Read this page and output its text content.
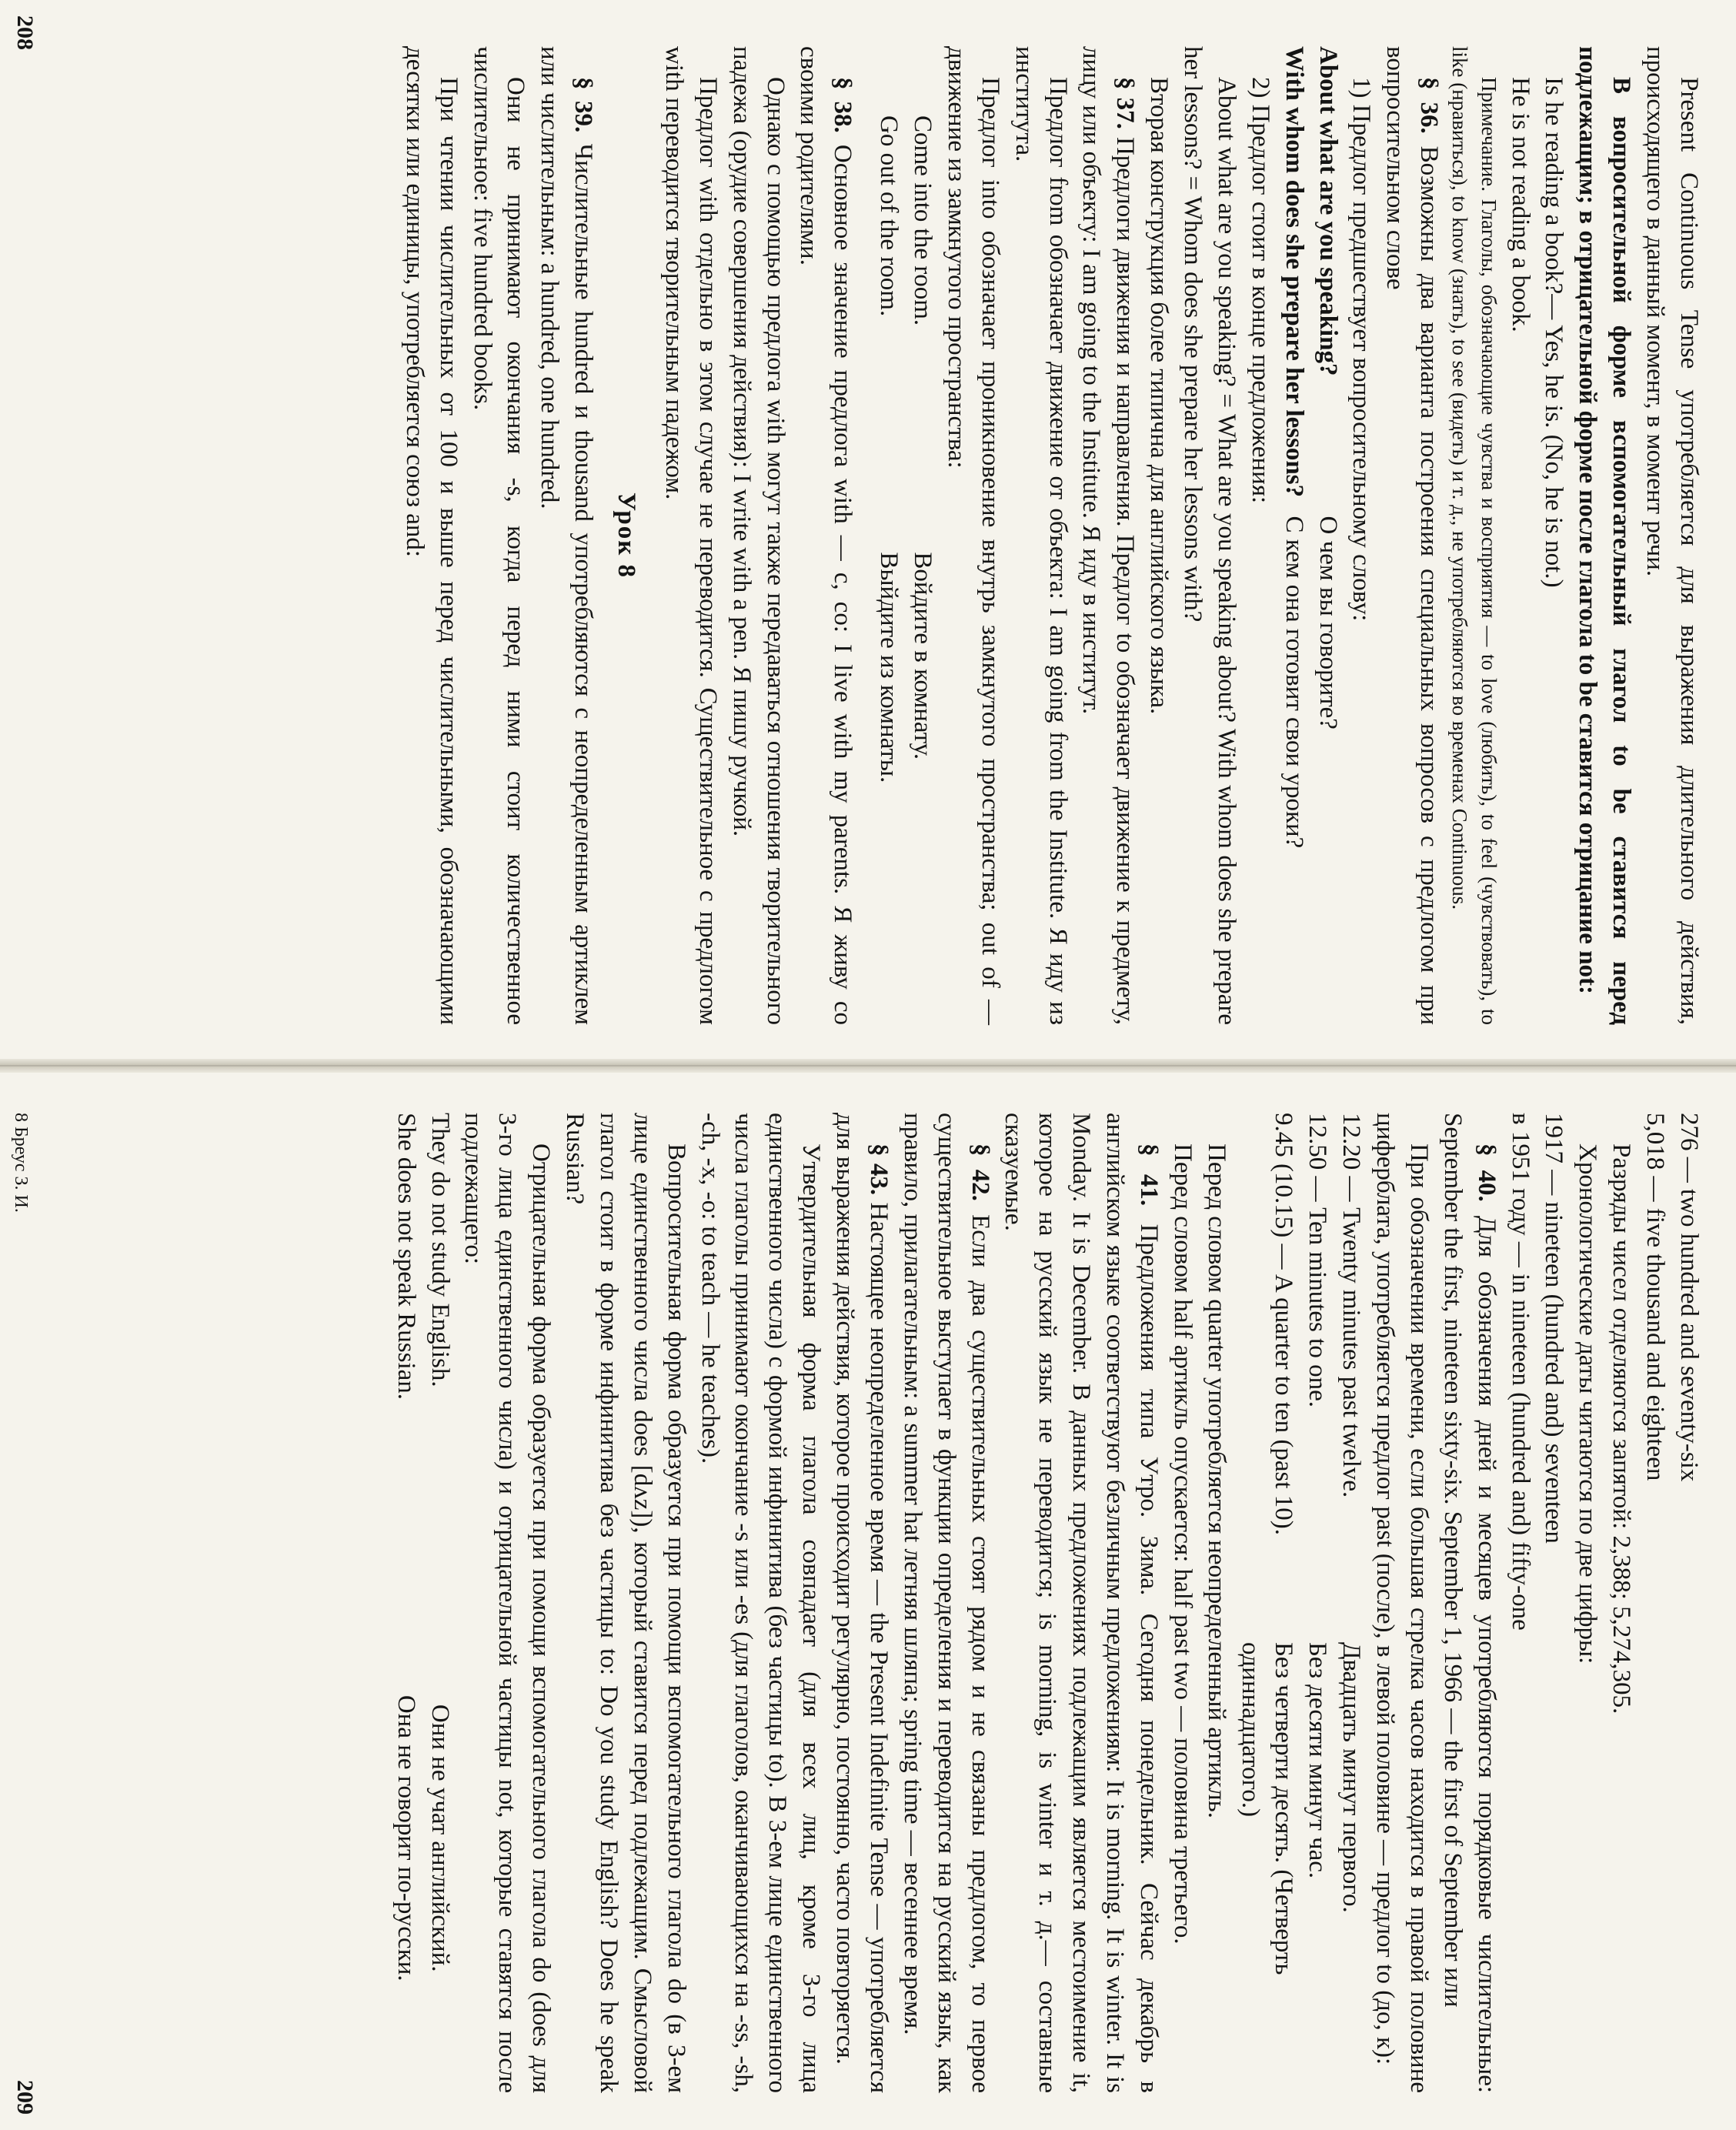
Present Continuous Tense употребляется для выражения длительного действия, происходящего в данный момент, в момент речи.

В вопросительной форме вспомогательный глагол to be ставится перед подлежащим; в отрицательной форме после глагола to be ставится отрицание not:

Is he reading a book?— Yes, he is. (No, he is not.)

He is not reading a book.

Примечание. Глаголы, обозначающие чувства и восприятия — to love (любить), to feel (чувствовать), to like (нравиться), to know (знать), to see (видеть) и т. д., не употребляются во временах Continuous.

§ 36. Возможны два варианта построения специальных вопросов с предлогом при вопросительном слове

1) Предлог предшествует вопросительному слову:

About what are you speaking?
О чем вы говорите?
With whom does she prepare her lessons?
С кем она готовит свои уроки?

2) Предлог стоит в конце предложения:

About what are you speaking? = What are you speaking about? With whom does she prepare her lessons? = Whom does she prepare her lessons with?

Вторая конструкция более типична для английского языка.

§ 37. Предлоги движения и направления. Предлог to обозначает движение к предмету, лицу или объекту: I am going to the Institute. Я иду в институт.

Предлог from обозначает движение от объекта: I am going from the Institute. Я иду из института.

Предлог into обозначает проникновение внутрь замкнутого пространства; out of — движение из замкнутого пространства:

Come into the room.
Войдите в комнату.
Go out of the room.
Выйдите из комнаты.

§ 38. Основное значение предлога with — с, со: I live with my parents. Я живу со своими родителями.

Однако с помощью предлога with могут также передаваться отношения творительного падежа (орудие совершения действия): I write with a pen. Я пишу ручкой.

Предлог with отдельно в этом случае не переводится. Существительное с предлогом with переводится творительным падежом.

Урок 8

§ 39. Числительные hundred и thousand употребляются с неопределенным артиклем или числительным: a hundred, one hundred.

Они не принимают окончания -s, когда перед ними стоит количественное числительное: five hundred books.

При чтении числительных от 100 и выше перед числительными, обозначающими десятки или единицы, употребляется союз and:

208

276 — two hundred and seventy-six

5,018 — five thousand and eighteen

Разряды чисел отделяются запятой: 2,388; 5,274,305.

Хронологические даты читаются по две цифры:

1917 — nineteen (hundred and) seventeen

в 1951 году — in nineteen (hundred and) fifty-one

§ 40. Для обозначения дней и месяцев употребляются порядковые числительные: September the first, nineteen sixty-six. September 1, 1966 — the first of September или

При обозначении времени, если большая стрелка часов находится в правой половине циферблата, употребляется предлог past (после), в левой половине — предлог to (до, к):

12.20 — Twenty minutes past twelve.
Двадцать минут первого.
12.50 — Ten minutes to one.
Без десяти минут час.
9.45 (10.15) — A quarter to ten (past 10).
Без четверти десять. (Четверть одиннадцатого.)

Перед словом quarter употребляется неопределенный артикль.

Перед словом half артикль опускается: half past two — половина третьего.

§ 41. Предложения типа Утро. Зима. Сегодня понедельник. Сейчас декабрь в английском языке соответствуют безличным предложениям: It is morning. It is winter. It is Monday. It is December. В данных предложениях подлежащим является местоимение it, которое на русский язык не переводится; is morning, is winter и т. д.— составные сказуемые.

§ 42. Если два существительных стоят рядом и не связаны предлогом, то первое существительное выступает в функции определения и переводится на русский язык, как правило, прилагательным: a summer hat летняя шляпа; spring time — весеннее время.

§ 43. Настоящее неопределенное время — the Present Indefinite Tense — употребляется для выражения действия, которое происходит регулярно, постоянно, часто повторяется.

Утвердительная форма глагола совпадает (для всех лиц, кроме 3-го лица единственного числа) с формой инфинитива (без частицы to). В 3-ем лице единственного числа глаголы принимают окончание -s или -es (для глаголов, оканчивающихся на -ss, -sh, -ch, -x, -o: to teach — he teaches).

Вопросительная форма образуется при помощи вспомогательного глагола do (в 3-ем лице единственного числа does [dʌz]), который ставится перед подлежащим. Смысловой глагол стоит в форме инфинитива без частицы to: Do you study English? Does he speak Russian?

Отрицательная форма образуется при помощи вспомогательного глагола do (does для 3-го лица единственного числа) и отрицательной частицы not, которые ставятся после подлежащего:

They do not study English.
Они не учат английский.
She does not speak Russian.
Она не говорит по-русски.
8 Бреус З. И.
209
